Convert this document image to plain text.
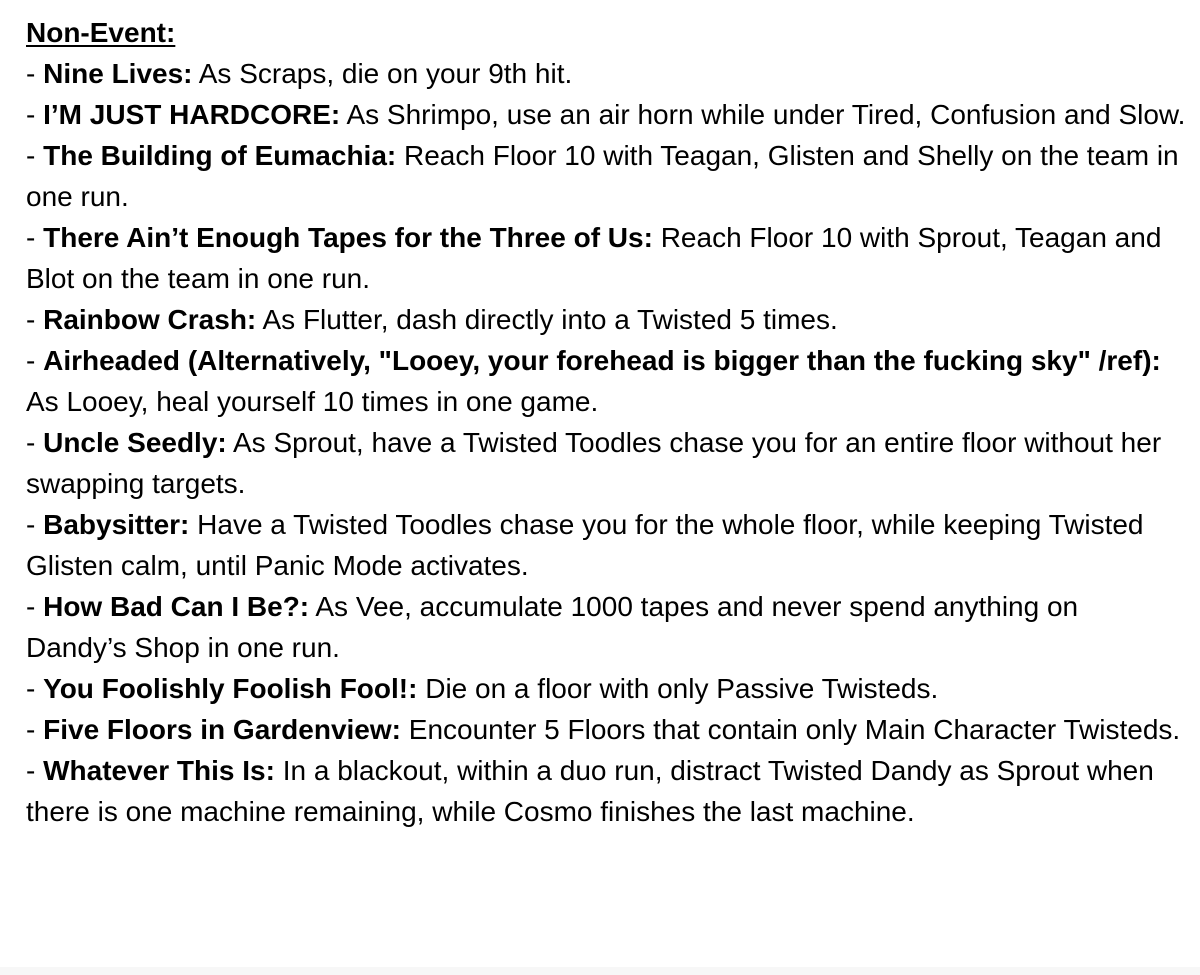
Non-Event:

- Nine Lives: As Scraps, die on your 9th hit.

- I’M JUST HARDCORE: As Shrimpo, use an air horn while under Tired, Confusion and Slow.

- The Building of Eumachia: Reach Floor 10 with Teagan, Glisten and Shelly on the team in one run.

- There Ain’t Enough Tapes for the Three of Us: Reach Floor 10 with Sprout, Teagan and Blot on the team in one run.

- Rainbow Crash: As Flutter, dash directly into a Twisted 5 times.

- Airheaded (Alternatively, "Looey, your forehead is bigger than the fucking sky" /ref): As Looey, heal yourself 10 times in one game.

- Uncle Seedly: As Sprout, have a Twisted Toodles chase you for an entire floor without her swapping targets.

- Babysitter: Have a Twisted Toodles chase you for the whole floor, while keeping Twisted Glisten calm, until Panic Mode activates.

- How Bad Can I Be?: As Vee, accumulate 1000 tapes and never spend anything on Dandy’s Shop in one run.

- You Foolishly Foolish Fool!: Die on a floor with only Passive Twisteds.

- Five Floors in Gardenview: Encounter 5 Floors that contain only Main Character Twisteds.

- Whatever This Is: In a blackout, within a duo run, distract Twisted Dandy as Sprout when there is one machine remaining, while Cosmo finishes the last machine.
